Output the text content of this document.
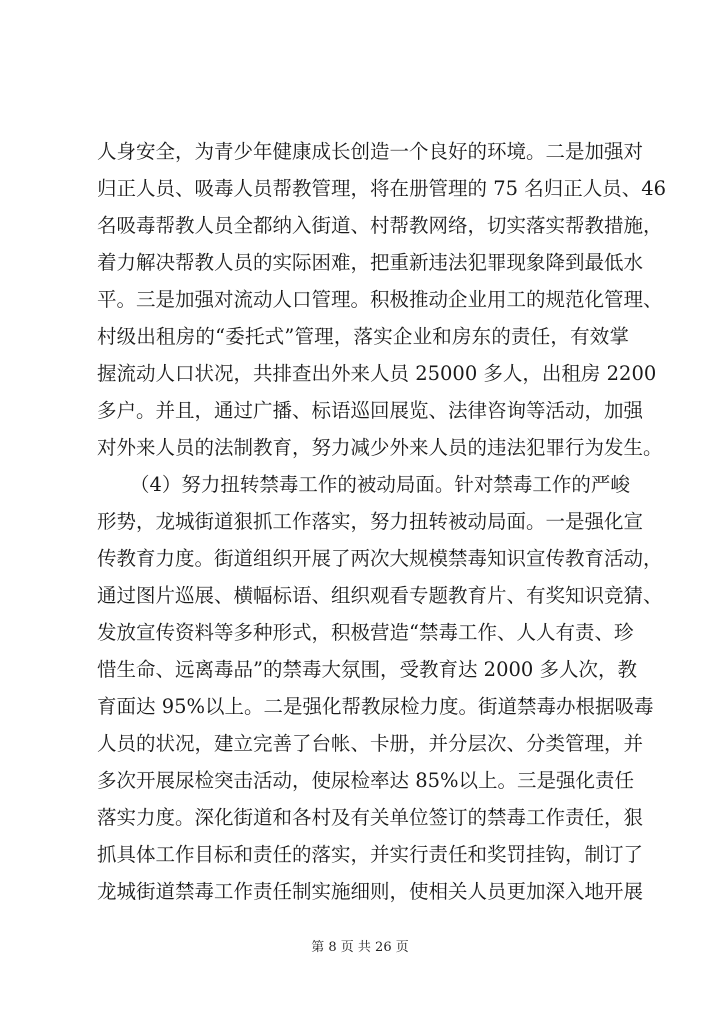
人身安全，为青少年健康成长创造一个良好的环境。二是加强对
归正人员、吸毒人员帮教管理，将在册管理的 75 名归正人员、46
名吸毒帮教人员全都纳入街道、村帮教网络，切实落实帮教措施，
着力解决帮教人员的实际困难，把重新违法犯罪现象降到最低水
平。三是加强对流动人口管理。积极推动企业用工的规范化管理、
村级出租房的“委托式”管理，落实企业和房东的责任，有效掌
握流动人口状况，共排查出外来人员 25000 多人，出租房 2200
多户。并且，通过广播、标语巡回展览、法律咨询等活动，加强
对外来人员的法制教育，努力减少外来人员的违法犯罪行为发生。
（4）努力扭转禁毒工作的被动局面。针对禁毒工作的严峻
形势，龙城街道狠抓工作落实，努力扭转被动局面。一是强化宣
传教育力度。街道组织开展了两次大规模禁毒知识宣传教育活动，
通过图片巡展、横幅标语、组织观看专题教育片、有奖知识竞猜、
发放宣传资料等多种形式，积极营造“禁毒工作、人人有责、珍
惜生命、远离毒品”的禁毒大氛围，受教育达 2000 多人次，教
育面达 95%以上。二是强化帮教尿检力度。街道禁毒办根据吸毒
人员的状况，建立完善了台帐、卡册，并分层次、分类管理，并
多次开展尿检突击活动，使尿检率达 85%以上。三是强化责任
落实力度。深化街道和各村及有关单位签订的禁毒工作责任，狠
抓具体工作目标和责任的落实，并实行责任和奖罚挂钩，制订了
龙城街道禁毒工作责任制实施细则，使相关人员更加深入地开展
第 8 页 共 26 页
